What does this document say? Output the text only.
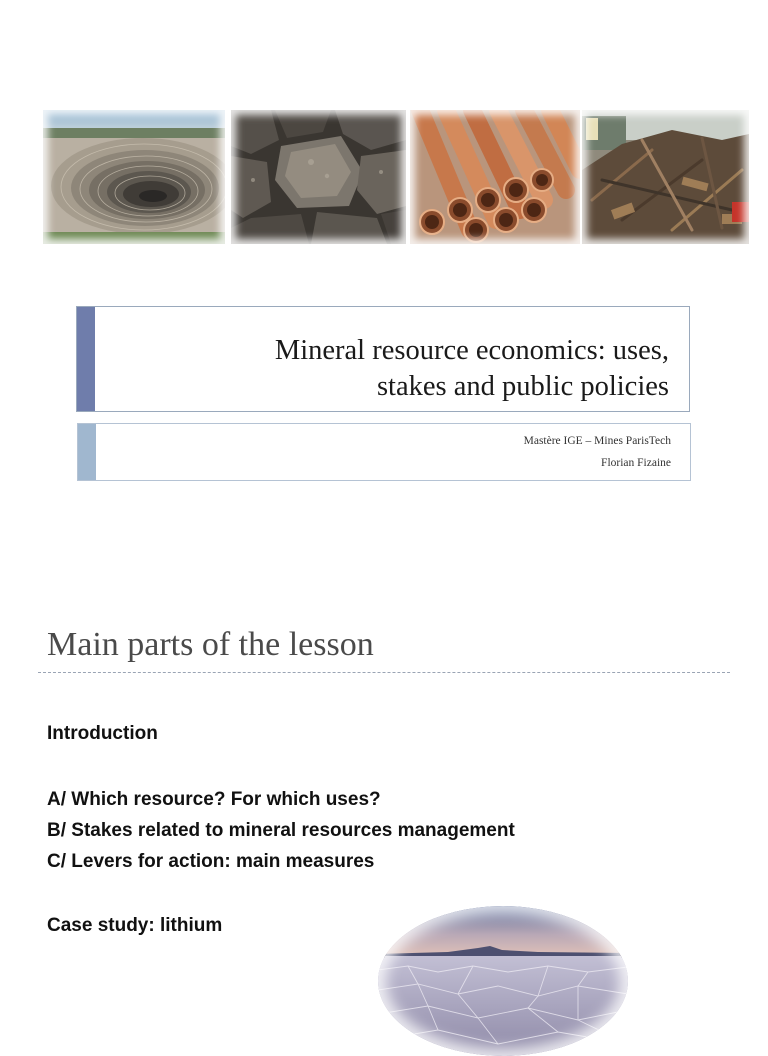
Mineral resource economics: uses,
stakes and public policies
Mastère IGE – Mines ParisTech
Florian Fizaine
Main parts of the lesson
Introduction
A/ Which resource? For which uses?
B/ Stakes related to mineral resources management
C/ Levers for action: main measures
Case study: lithium
